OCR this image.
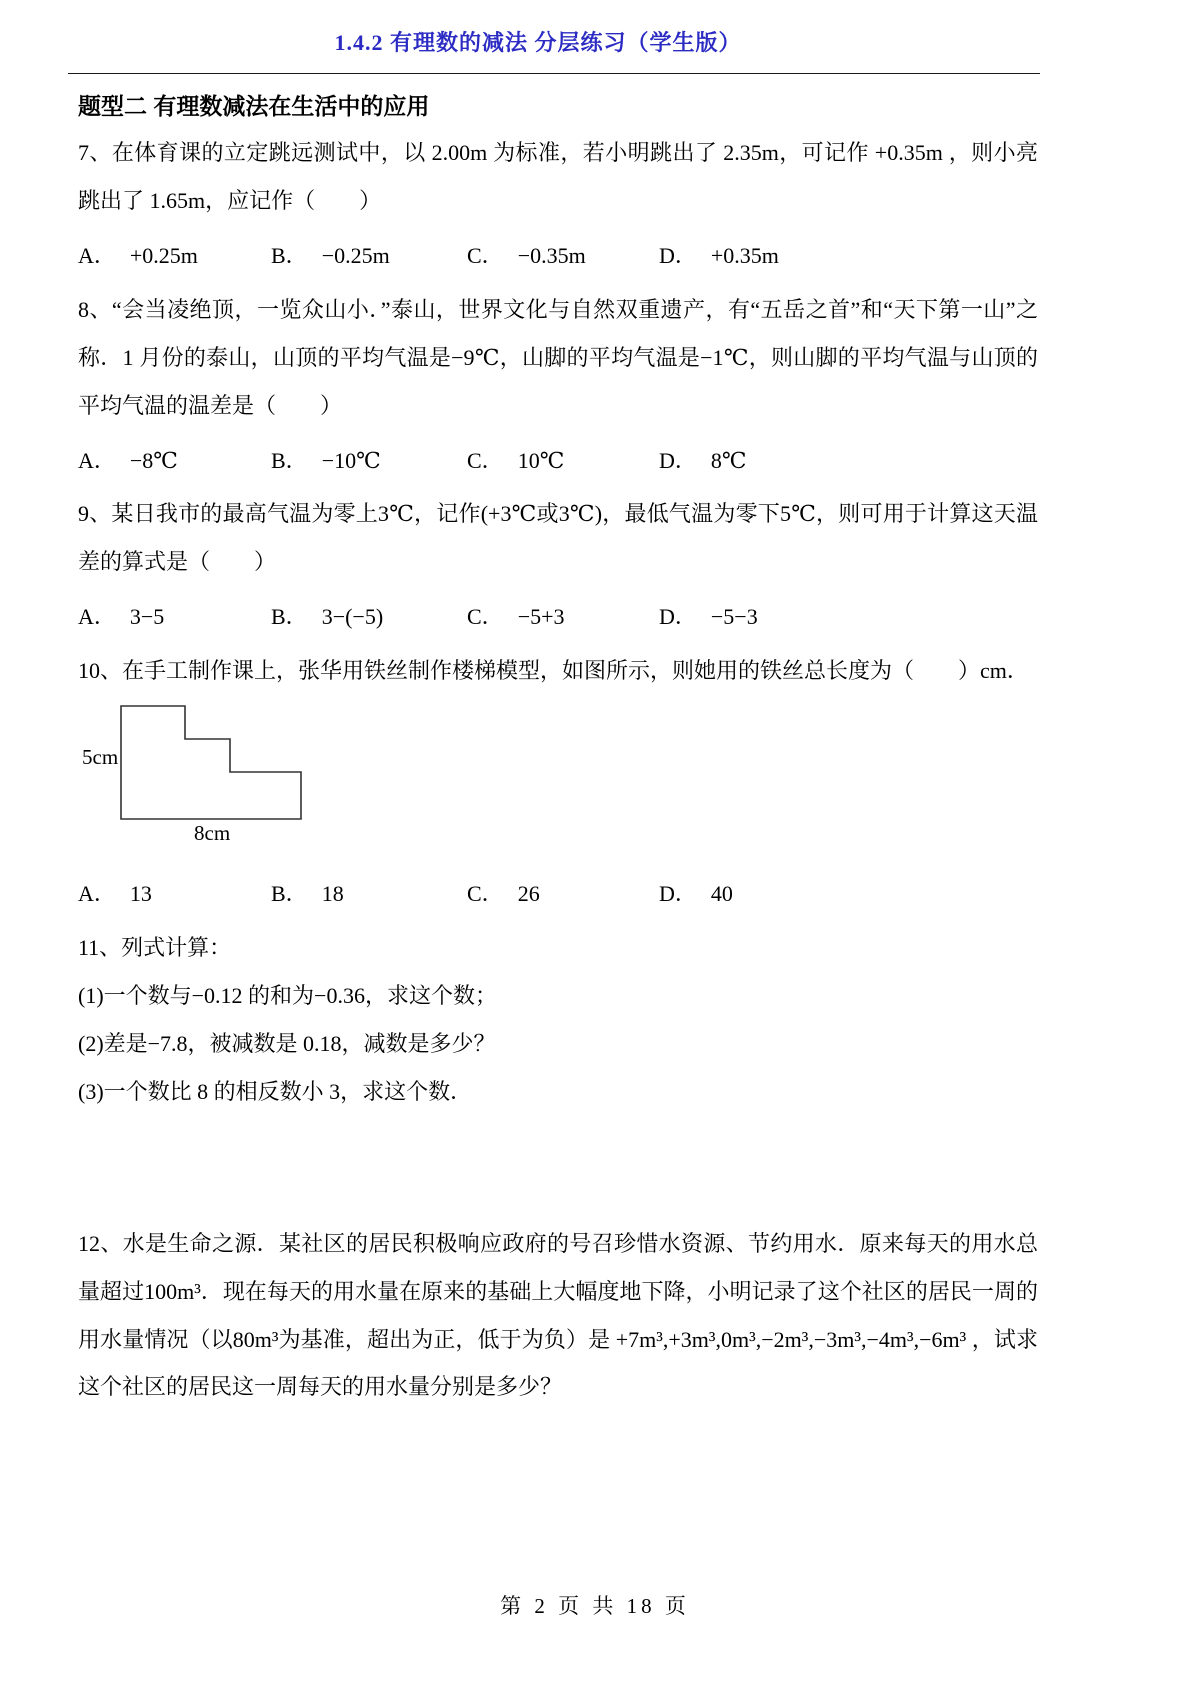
1.4.2 有理数的减法 分层练习（学生版）
题型二 有理数减法在生活中的应用

7、在体育课的立定跳远测试中，以 2.00m 为标准，若小明跳出了 2.35m，可记作 +0.35m ，则小亮跳出了 1.65m，应记作（　　）

A． +0.25m	B． −0.25m	C． −0.35m	D． +0.35m

8、“会当凌绝顶，一览众山小．”泰山，世界文化与自然双重遗产，有“五岳之首”和“天下第一山”之称．1 月份的泰山，山顶的平均气温是−9℃，山脚的平均气温是−1℃，则山脚的平均气温与山顶的平均气温的温差是（　　）

A． −8℃	B． −10℃	C． 10℃	D． 8℃

9、某日我市的最高气温为零上3℃，记作(+3℃或3℃)，最低气温为零下5℃，则可用于计算这天温差的算式是（　　）

A． 3−5	B． 3−(−5)	C． −5+3	D． −5−3

10、在手工制作课上，张华用铁丝制作楼梯模型，如图所示，则她用的铁丝总长度为（　　）cm．

5cm
8cm
A． 13	B． 18	C． 26	D． 40

11、列式计算：

(1)一个数与−0.12 的和为−0.36，求这个数；
(2)差是−7.8，被减数是 0.18，减数是多少？
(3)一个数比 8 的相反数小 3，求这个数．

12、水是生命之源．某社区的居民积极响应政府的号召珍惜水资源、节约用水．原来每天的用水总量超过100m³．现在每天的用水量在原来的基础上大幅度地下降，小明记录了这个社区的居民一周的用水量情况（以80m³为基准，超出为正，低于为负）是 +7m³,+3m³,0m³,−2m³,−3m³,−4m³,−6m³ ，试求这个社区的居民这一周每天的用水量分别是多少？

第 2 页 共 18 页
